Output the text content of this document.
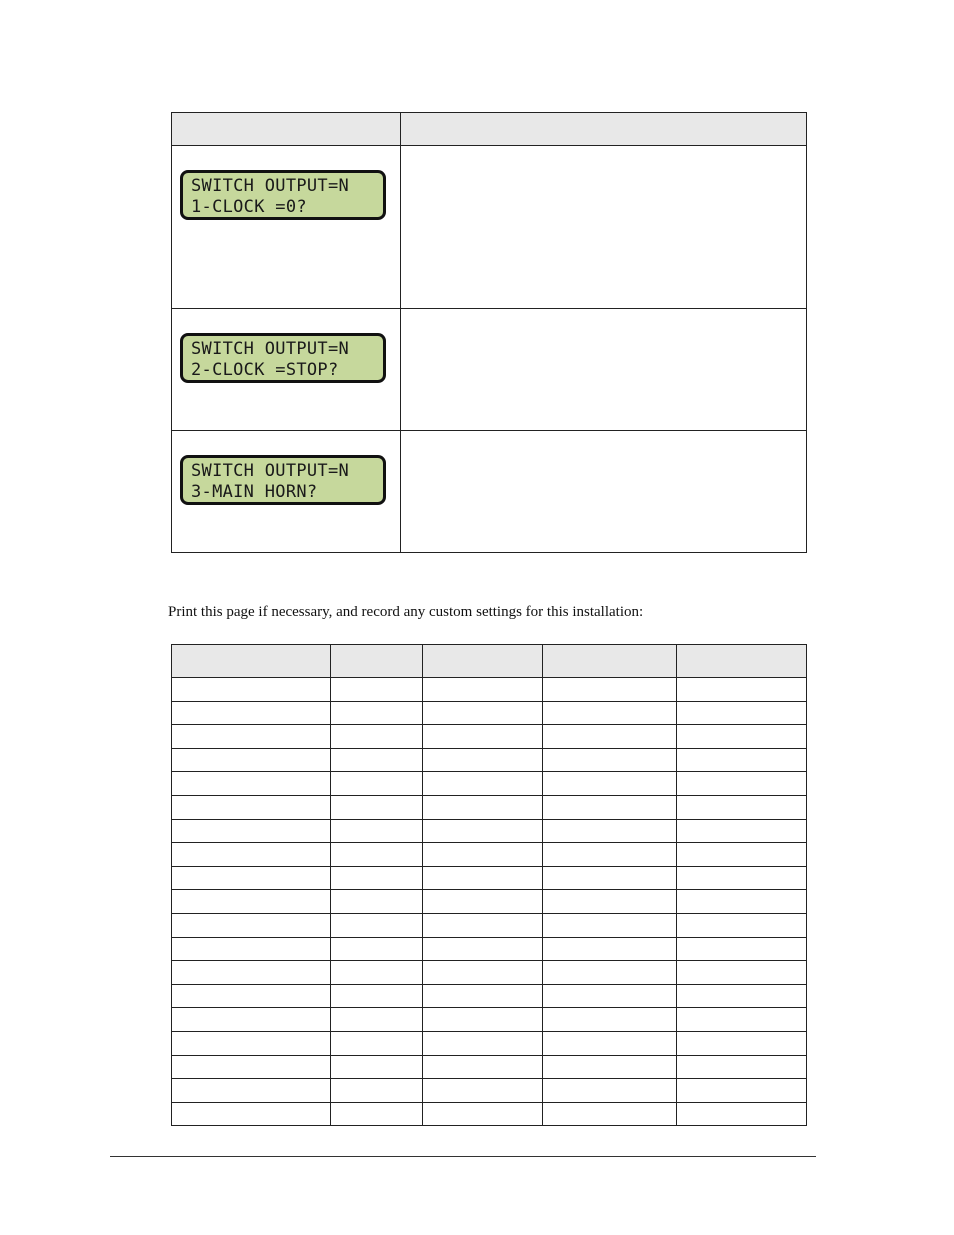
SWITCH OUTPUT=N
1-CLOCK =0?	

SWITCH OUTPUT=N
2-CLOCK =STOP?	

SWITCH OUTPUT=N
3-MAIN HORN?	

Print this page if necessary, and record any custom settings for this installation:
